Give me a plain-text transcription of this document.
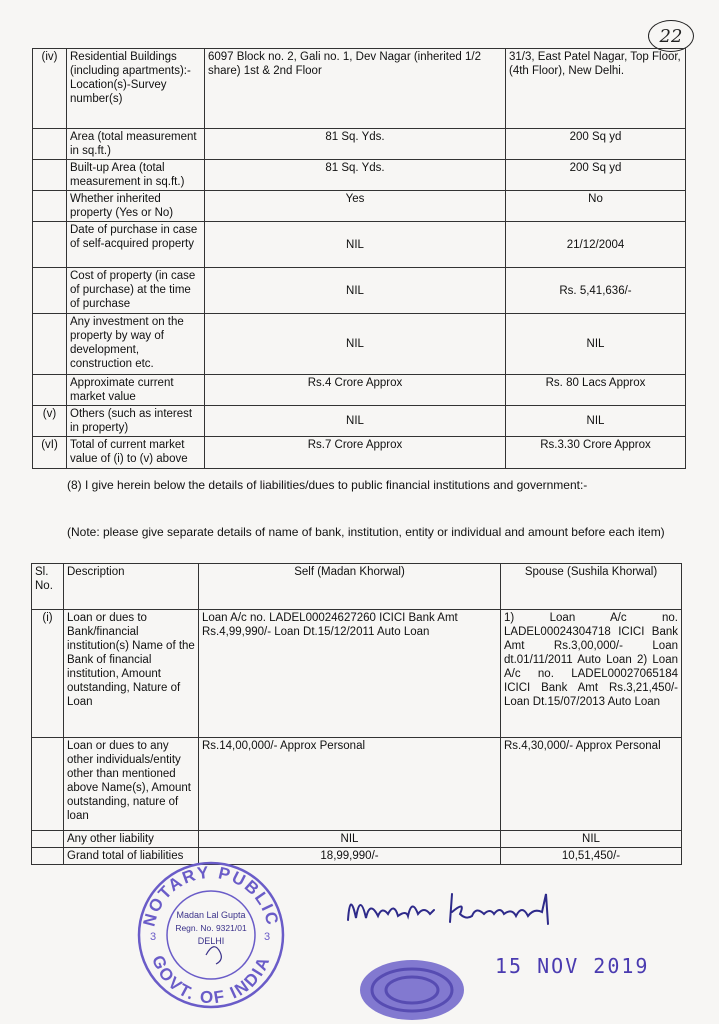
22
(iv)	Residential Buildings (including apartments):- Location(s)-Survey number(s)	6097 Block no. 2, Gali no. 1, Dev Nagar (inherited 1/2 share) 1st & 2nd Floor	31/3, East Patel Nagar, Top Floor, (4th Floor), New Delhi.
	Area (total measurement in sq.ft.)	81 Sq. Yds.	200 Sq yd
	Built-up Area (total measurement in sq.ft.)	81 Sq. Yds.	200 Sq yd
	Whether inherited property (Yes or No)	Yes	No
	Date of purchase in case of self-acquired property	NIL	21/12/2004
	Cost of property (in case of purchase) at the time of purchase	NIL	Rs. 5,41,636/-
	Any investment on the property by way of development, construction etc.	NIL	NIL
	Approximate current market value	Rs.4 Crore Approx	Rs. 80 Lacs Approx
(v)	Others (such as interest in property)	NIL	NIL
(vI)	Total of current market value of (i) to (v) above	Rs.7 Crore Approx	Rs.3.30 Crore Approx
(8) I give herein below the details of liabilities/dues to public financial institutions and government:-
(Note: please give separate details of name of bank, institution, entity or individual and amount before each item)
Sl. No.	Description	Self (Madan Khorwal)	Spouse (Sushila Khorwal)
(i)	Loan or dues to Bank/financial institution(s) Name of the Bank of financial institution, Amount outstanding, Nature of Loan	Loan A/c no. LADEL00024627260 ICICI Bank Amt Rs.4,99,990/- Loan Dt.15/12/2011 Auto Loan	1) Loan A/c no. LADEL00024304718 ICICI Bank Amt Rs.3,00,000/- Loan dt.01/11/2011 Auto Loan 2) Loan A/c no. LADEL00027065184 ICICI Bank Amt Rs.3,21,450/- Loan Dt.15/07/2013 Auto Loan
	Loan or dues to any other individuals/entity other than mentioned above Name(s), Amount outstanding, nature of loan	Rs.14,00,000/- Approx Personal	Rs.4,30,000/- Approx Personal
	Any other liability	NIL	NIL
	Grand total of liabilities	18,99,990/-	10,51,450/-
NOTARY PUBLIC
GOVT. OF INDIA
3	3
Madan Lal Gupta
Regn. No. 9321/01
DELHI
15 NOV 2019
